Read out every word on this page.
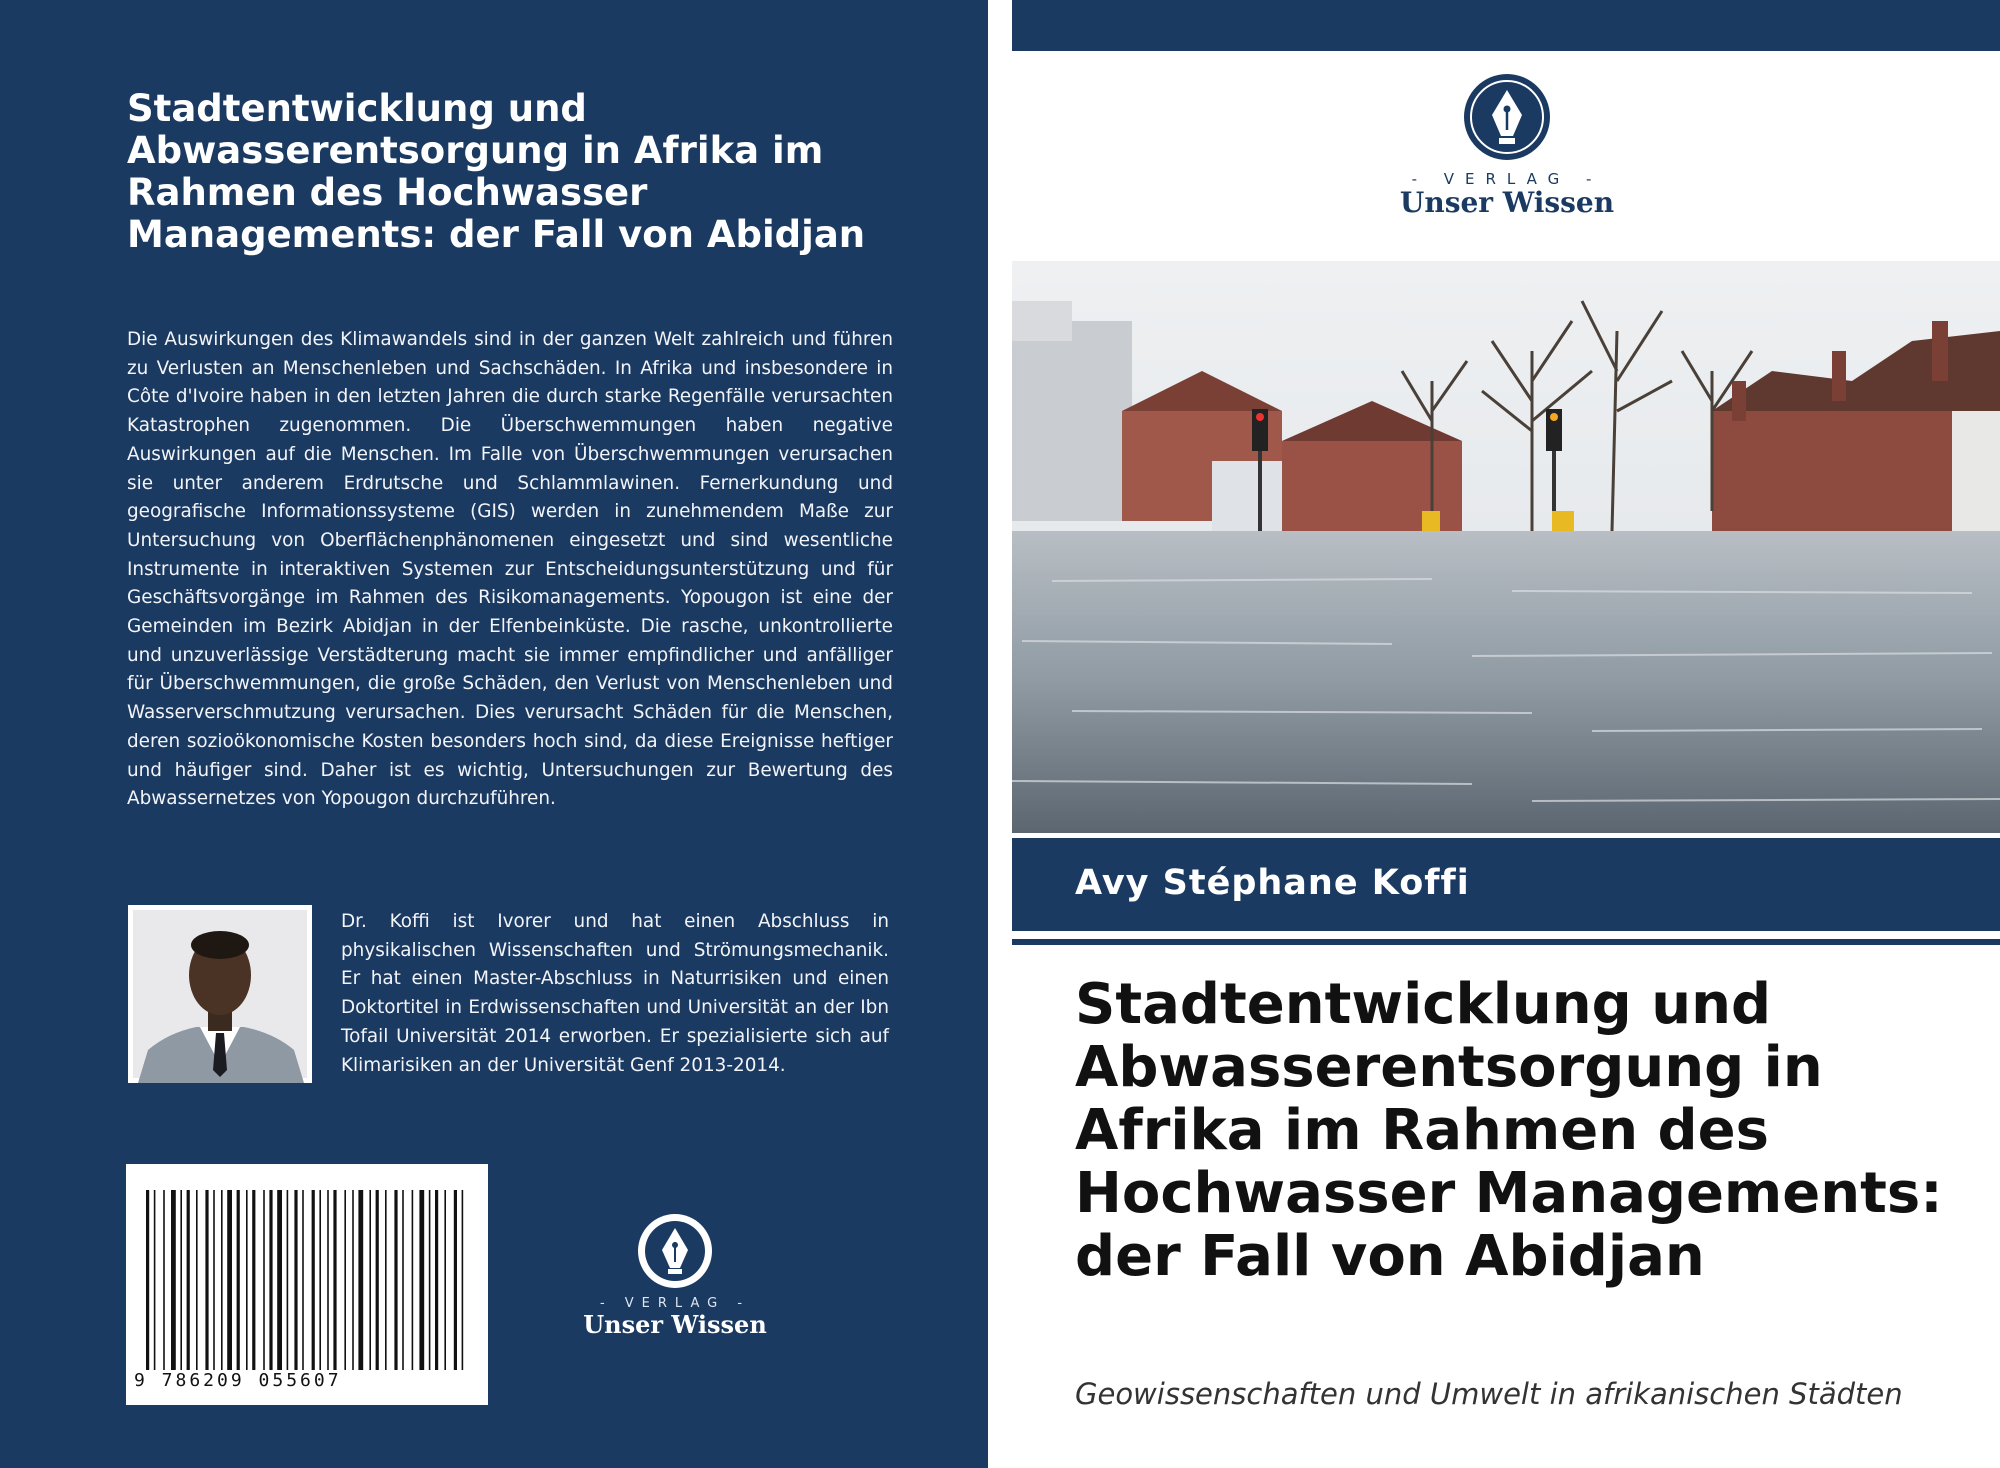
Stadtentwicklung und Abwasserentsorgung in Afrika im Rahmen des Hochwasser Managements: der Fall von Abidjan

Die Auswirkungen des Klimawandels sind in der ganzen Welt zahlreich und führen zu Verlusten an Menschenleben und Sachschäden. In Afrika und insbesondere in Côte d'Ivoire haben in den letzten Jahren die durch starke Regenfälle verursachten Katastrophen zugenommen. Die Überschwemmungen haben negative Auswirkungen auf die Menschen. Im Falle von Überschwemmungen verursachen sie unter anderem Erdrutsche und Schlammlawinen. Fernerkundung und geografische Informationssysteme (GIS) werden in zunehmendem Maße zur Untersuchung von Oberflächenphänomenen eingesetzt und sind wesentliche Instrumente in interaktiven Systemen zur Entscheidungsunterstützung und für Geschäftsvorgänge im Rahmen des Risikomanagements. Yopougon ist eine der Gemeinden im Bezirk Abidjan in der Elfenbeinküste. Die rasche, unkontrollierte und unzuverlässige Verstädterung macht sie immer empfindlicher und anfälliger für Überschwemmungen, die große Schäden, den Verlust von Menschenleben und Wasserverschmutzung verursachen. Dies verursacht Schäden für die Menschen, deren sozioökonomische Kosten besonders hoch sind, da diese Ereignisse heftiger und häufiger sind. Daher ist es wichtig, Untersuchungen zur Bewertung des Abwassernetzes von Yopougon durchzuführen.

Dr. Koffi ist Ivorer und hat einen Abschluss in physikalischen Wissenschaften und Strömungsmechanik. Er hat einen Master-Abschluss in Naturrisiken und einen Doktortitel in Erdwissenschaften und Universität an der Ibn Tofail Universität 2014 erworben. Er spezialisierte sich auf Klimarisiken an der Universität Genf 2013-2014.

9 786209 055607
- VERLAG -
Unser Wissen
- VERLAG -
Unser Wissen
Avy Stéphane Koffi
Stadtentwicklung und Abwasserentsorgung in Afrika im Rahmen des Hochwasser Managements: der Fall von Abidjan
Geowissenschaften und Umwelt in afrikanischen Städten
